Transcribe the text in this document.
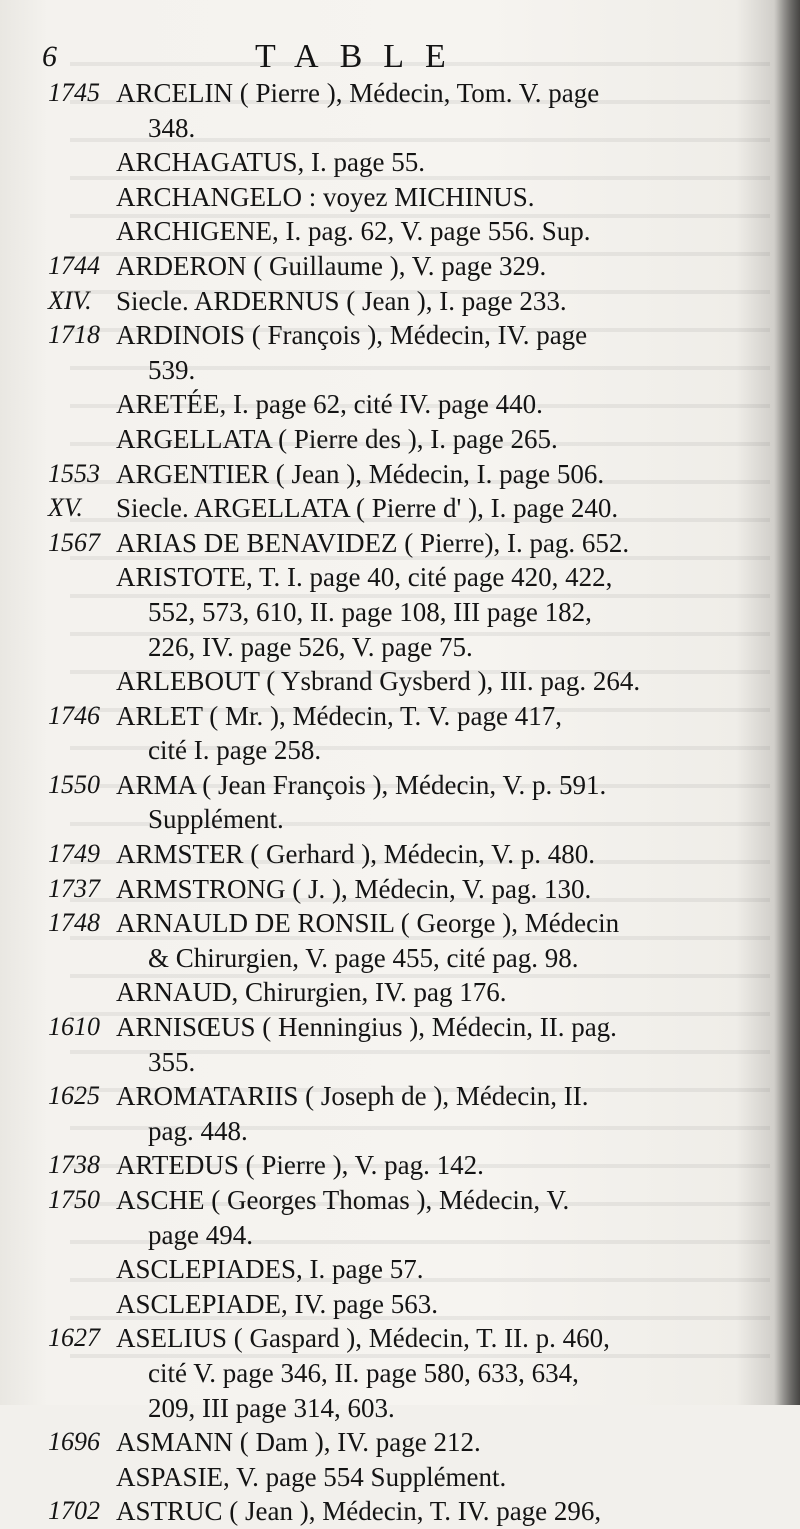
6	TABLE
1745 ARCELIN ( Pierre ), Médecin, Tom. V. page
348.
ARCHAGATUS, I. page 55.
ARCHANGELO : voyez MICHINUS.
ARCHIGENE, I. pag. 62, V. page 556. Sup.
1744 ARDERON ( Guillaume ), V. page 329.
XIV. Siecle. ARDERNUS ( Jean ), I. page 233.
1718 ARDINOIS ( François ), Médecin, IV. page
539.
ARETÉE, I. page 62, cité IV. page 440.
ARGELLATA ( Pierre des ), I. page 265.
1553 ARGENTIER ( Jean ), Médecin, I. page 506.
XV.	Siecle. ARGELLATA ( Pierre d' ), I. page 240.
1567 ARIAS DE BENAVIDEZ ( Pierre), I. pag. 652.
ARISTOTE, T. I. page 40, cité page 420, 422,
552, 573, 610, II. page 108, III page 182,
226, IV. page 526, V. page 75.
ARLEBOUT ( Ysbrand Gysberd ), III. pag. 264.
1746 ARLET ( Mr. ), Médecin, T. V. page 417,
cité I. page 258.
1550 ARMA ( Jean François ), Médecin, V. p. 591.
Supplément.
1749 ARMSTER ( Gerhard ), Médecin, V. p. 480.
1737 ARMSTRONG ( J. ), Médecin, V. pag. 130.
1748 ARNAULD DE RONSIL ( George ), Médecin
& Chirurgien, V. page 455, cité pag. 98.
ARNAUD, Chirurgien, IV. pag 176.
1610 ARNISŒUS ( Henningius ), Médecin, II. pag.
355.
1625 AROMATARIIS ( Joseph de ), Médecin, II.
pag. 448.
1738 ARTEDUS ( Pierre ), V. pag. 142.
1750 ASCHE ( Georges Thomas ), Médecin, V.
page 494.
ASCLEPIADES, I. page 57.
ASCLEPIADE, IV. page 563.
1627 ASELIUS ( Gaspard ), Médecin, T. II. p. 460,
cité V. page 346, II. page 580, 633, 634,
209, III page 314, 603.
1696 ASMANN ( Dam ), IV. page 212.
ASPASIE, V. page 554 Supplément.
1702 ASTRUC ( Jean ), Médecin, T. IV. page 296,
